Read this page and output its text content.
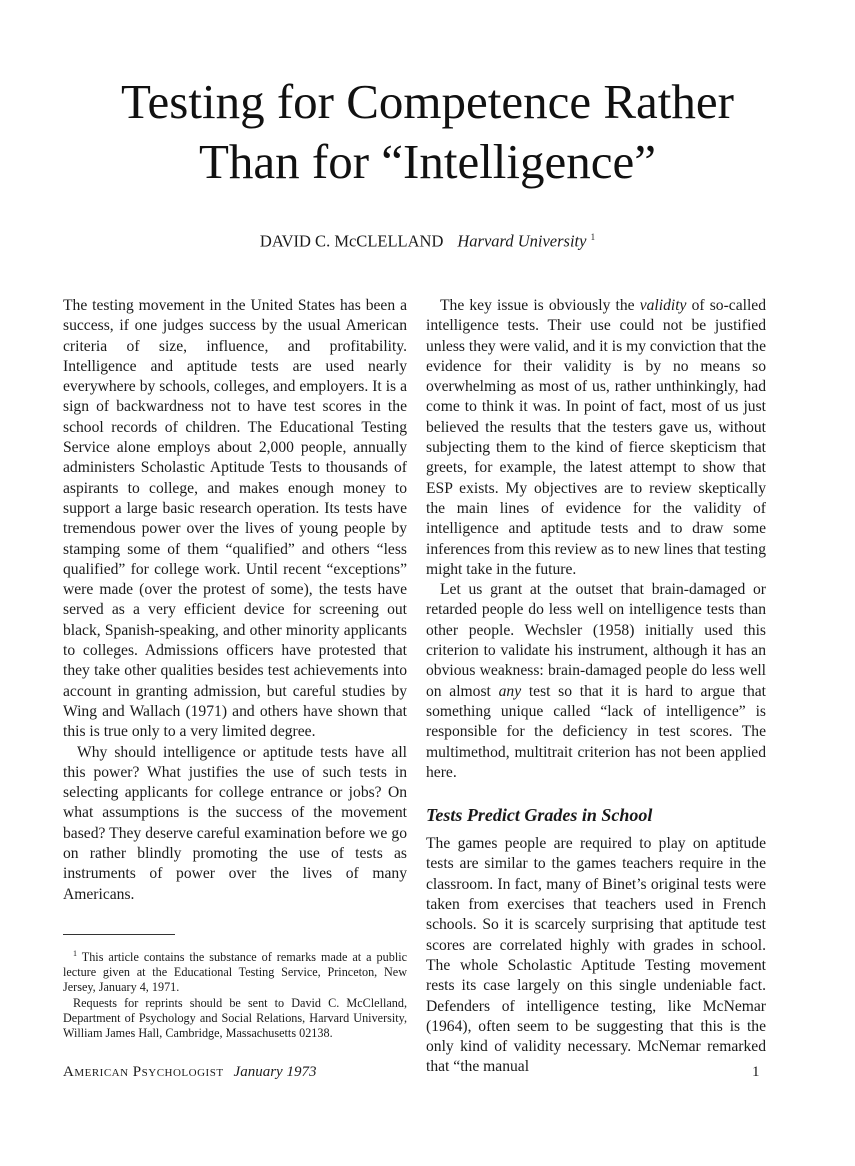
Testing for Competence Rather
Than for “Intelligence”
DAVID C. McCLELLAND Harvard University $^1$

The testing movement in the United States has been a success, if one judges success by the usual American criteria of size, influence, and profitability. Intelligence and aptitude tests are used nearly everywhere by schools, colleges, and employers. It is a sign of backwardness not to have test scores in the school records of children. The Educational Testing Service alone employs about 2,000 people, annually administers Scholastic Aptitude Tests to thousands of aspirants to college, and makes enough money to support a large basic research operation. Its tests have tremendous power over the lives of young people by stamping some of them “qualified” and others “less qualified” for college work. Until recent “exceptions” were made (over the protest of some), the tests have served as a very efficient device for screening out black, Spanish-speaking, and other minority applicants to colleges. Admissions officers have protested that they take other qualities besides test achievements into account in granting admission, but careful studies by Wing and Wallach (1971) and others have shown that this is true only to a very limited degree.

Why should intelligence or aptitude tests have all this power? What justifies the use of such tests in selecting applicants for college entrance or jobs? On what assumptions is the success of the movement based? They deserve careful examination before we go on rather blindly promoting the use of tests as instruments of power over the lives of many Americans.

$^1$ This article contains the substance of remarks made at a public lecture given at the Educational Testing Service, Princeton, New Jersey, January 4, 1971.

Requests for reprints should be sent to David C. McClelland, Department of Psychology and Social Relations, Harvard University, William James Hall, Cambridge, Massachusetts 02138.

The key issue is obviously the validity of so-called intelligence tests. Their use could not be justified unless they were valid, and it is my conviction that the evidence for their validity is by no means so overwhelming as most of us, rather unthinkingly, had come to think it was. In point of fact, most of us just believed the results that the testers gave us, without subjecting them to the kind of fierce skepticism that greets, for example, the latest attempt to show that ESP exists. My objectives are to review skeptically the main lines of evidence for the validity of intelligence and aptitude tests and to draw some inferences from this review as to new lines that testing might take in the future.

Let us grant at the outset that brain-damaged or retarded people do less well on intelligence tests than other people. Wechsler (1958) initially used this criterion to validate his instrument, although it has an obvious weakness: brain-damaged people do less well on almost any test so that it is hard to argue that something unique called “lack of intelligence” is responsible for the deficiency in test scores. The multimethod, multitrait criterion has not been applied here.

Tests Predict Grades in School

The games people are required to play on aptitude tests are similar to the games teachers require in the classroom. In fact, many of Binet’s original tests were taken from exercises that teachers used in French schools. So it is scarcely surprising that aptitude test scores are correlated highly with grades in school. The whole Scholastic Aptitude Testing movement rests its case largely on this single undeniable fact. Defenders of intelligence testing, like McNemar (1964), often seem to be suggesting that this is the only kind of validity necessary. McNemar remarked that “the manual

American Psychologist January 1973	1
